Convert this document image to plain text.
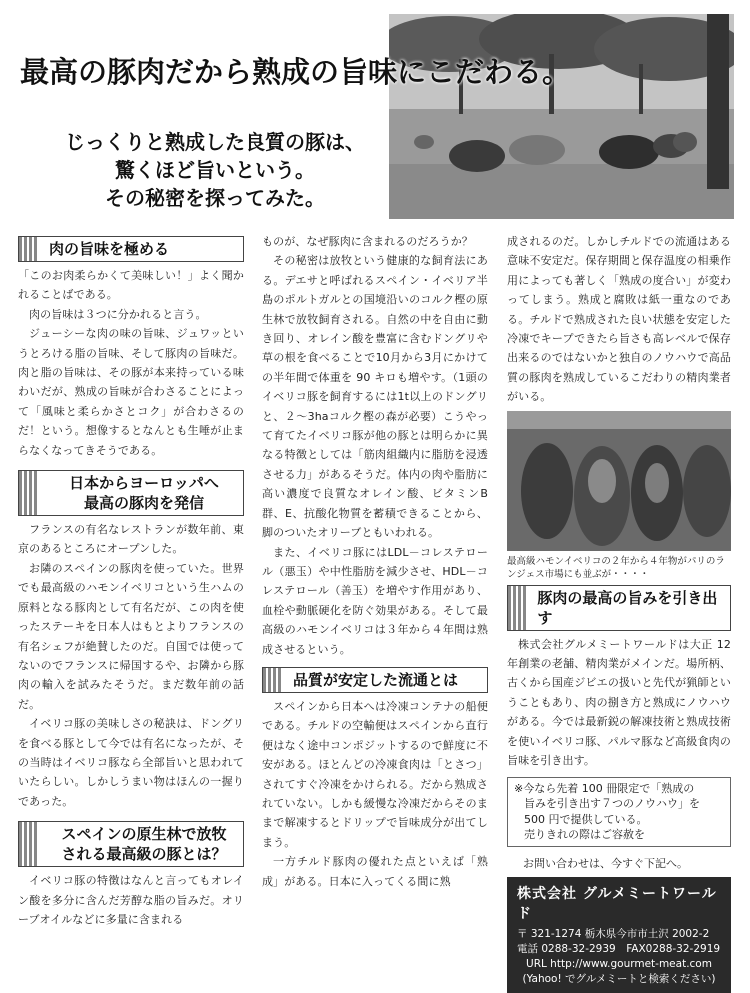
最高の豚肉だから熟成の旨味にこだわる。
じっくりと熟成した良質の豚は、
驚くほど旨いという。
その秘密を探ってみた。
肉の旨味を極める

「このお肉柔らかくて美味しい！」よく聞かれることばである。

肉の旨味は３つに分かれると言う。

ジューシーな肉の味の旨味、ジュワッというとろける脂の旨味、そして豚肉の旨味だ。肉と脂の旨味は、その豚が本来持っている味わいだが、熟成の旨味が合わさることによって「風味と柔らかさとコク」が合わさるのだ！という。想像するとなんとも生唾が止まらなくなってきそうである。

日本からヨーロッパへ
最高の豚肉を発信

フランスの有名なレストランが数年前、東京のあるところにオープンした。

お隣のスペインの豚肉を使っていた。世界でも最高級のハモンイベリコという生ハムの原料となる豚肉として有名だが、この肉を使ったステーキを日本人はもとよりフランスの有名シェフが絶賛したのだ。自国では使ってないのでフランスに帰国するや、お隣から豚肉の輸入を試みたそうだ。まだ数年前の話だ。

イベリコ豚の美味しさの秘訣は、ドングリを食べる豚として今では有名になったが、その当時はイベリコ豚なら全部旨いと思われていたらしい。しかしうまい物はほんの一握りであった。

スペインの原生林で放牧
される最高級の豚とは？

イベリコ豚の特徴はなんと言ってもオレイン酸を多分に含んだ芳醇な脂の旨みだ。オリーブオイルなどに多量に含まれる

ものが、なぜ豚肉に含まれるのだろうか？

その秘密は放牧という健康的な飼育法にある。デエサと呼ばれるスペイン・イベリア半島のポルトガルとの国境沿いのコルク樫の原生林で放牧飼育される。自然の中を自由に動き回り、オレイン酸を豊富に含むドングリや草の根を食べることで10月から3月にかけての半年間で体重を 90 キロも増やす。（1頭のイベリコ豚を飼育するには1t以上のドングリと、２～3haコルク樫の森が必要）こうやって育てたイベリコ豚が他の豚とは明らかに異なる特徴としては「筋肉組織内に脂肪を浸透させる力」があるそうだ。体内の肉や脂肪に高い濃度で良質なオレイン酸、ビタミンB群、E、抗酸化物質を蓄積できることから、脚のついたオリーブともいわれる。

また、イベリコ豚にはLDL－コレステロール（悪玉）や中性脂肪を減少させ、HDL－コレステロール（善玉）を増やす作用があり、血栓や動脈硬化を防ぐ効果がある。そして最高級のハモンイベリコは３年から４年間は熟成させるという。

品質が安定した流通とは

スペインから日本へは冷凍コンテナの船便である。チルドの空輸便はスペインから直行便はなく途中コンポジットするので鮮度に不安がある。ほとんどの冷凍食肉は「とさつ」されてすぐ冷凍をかけられる。だから熟成されていない。しかも緩慢な冷凍だからそのままで解凍するとドリップで旨味成分が出てしまう。

一方チルド豚肉の優れた点といえば「熟成」がある。日本に入ってくる間に熟

成されるのだ。しかしチルドでの流通はある意味不安定だ。保存期間と保存温度の相乗作用によっても著しく「熟成の度合い」が変わってしまう。熟成と腐敗は紙一重なのである。チルドで熟成された良い状態を安定した冷凍でキープできたら旨さも高レベルで保存出来るのではないかと独自のノウハウで高品質の豚肉を熟成しているこだわりの精肉業者がいる。

最高級ハモンイベリコの２年から４年物がパリのランジェス市場にも並ぶが・・・・

豚肉の最高の旨みを引き出す

株式会社グルメミートワールドは大正 12 年創業の老舗、精肉業がメインだ。場所柄、古くから国産ジビエの扱いと先代が猟師ということもあり、肉の捌き方と熟成にノウハウがある。今では最新鋭の解凍技術と熟成技術を使いイベリコ豚、パルマ豚など高級食肉の旨味を引き出す。

※今なら先着 100 冊限定で「熟成の
旨みを引き出す７つのノウハウ」を
500 円で提供している。
売りきれの際はご容赦を
お問い合わせは、今すぐ下記へ。
株式会社 グルメミートワールド
〒 321-1274 栃木県今市市土沢 2002-2
電話 0288-32-2939　FAX0288-32-2919
URL http://www.gourmet-meat.com
(Yahoo! でグルメミートと検索ください)
